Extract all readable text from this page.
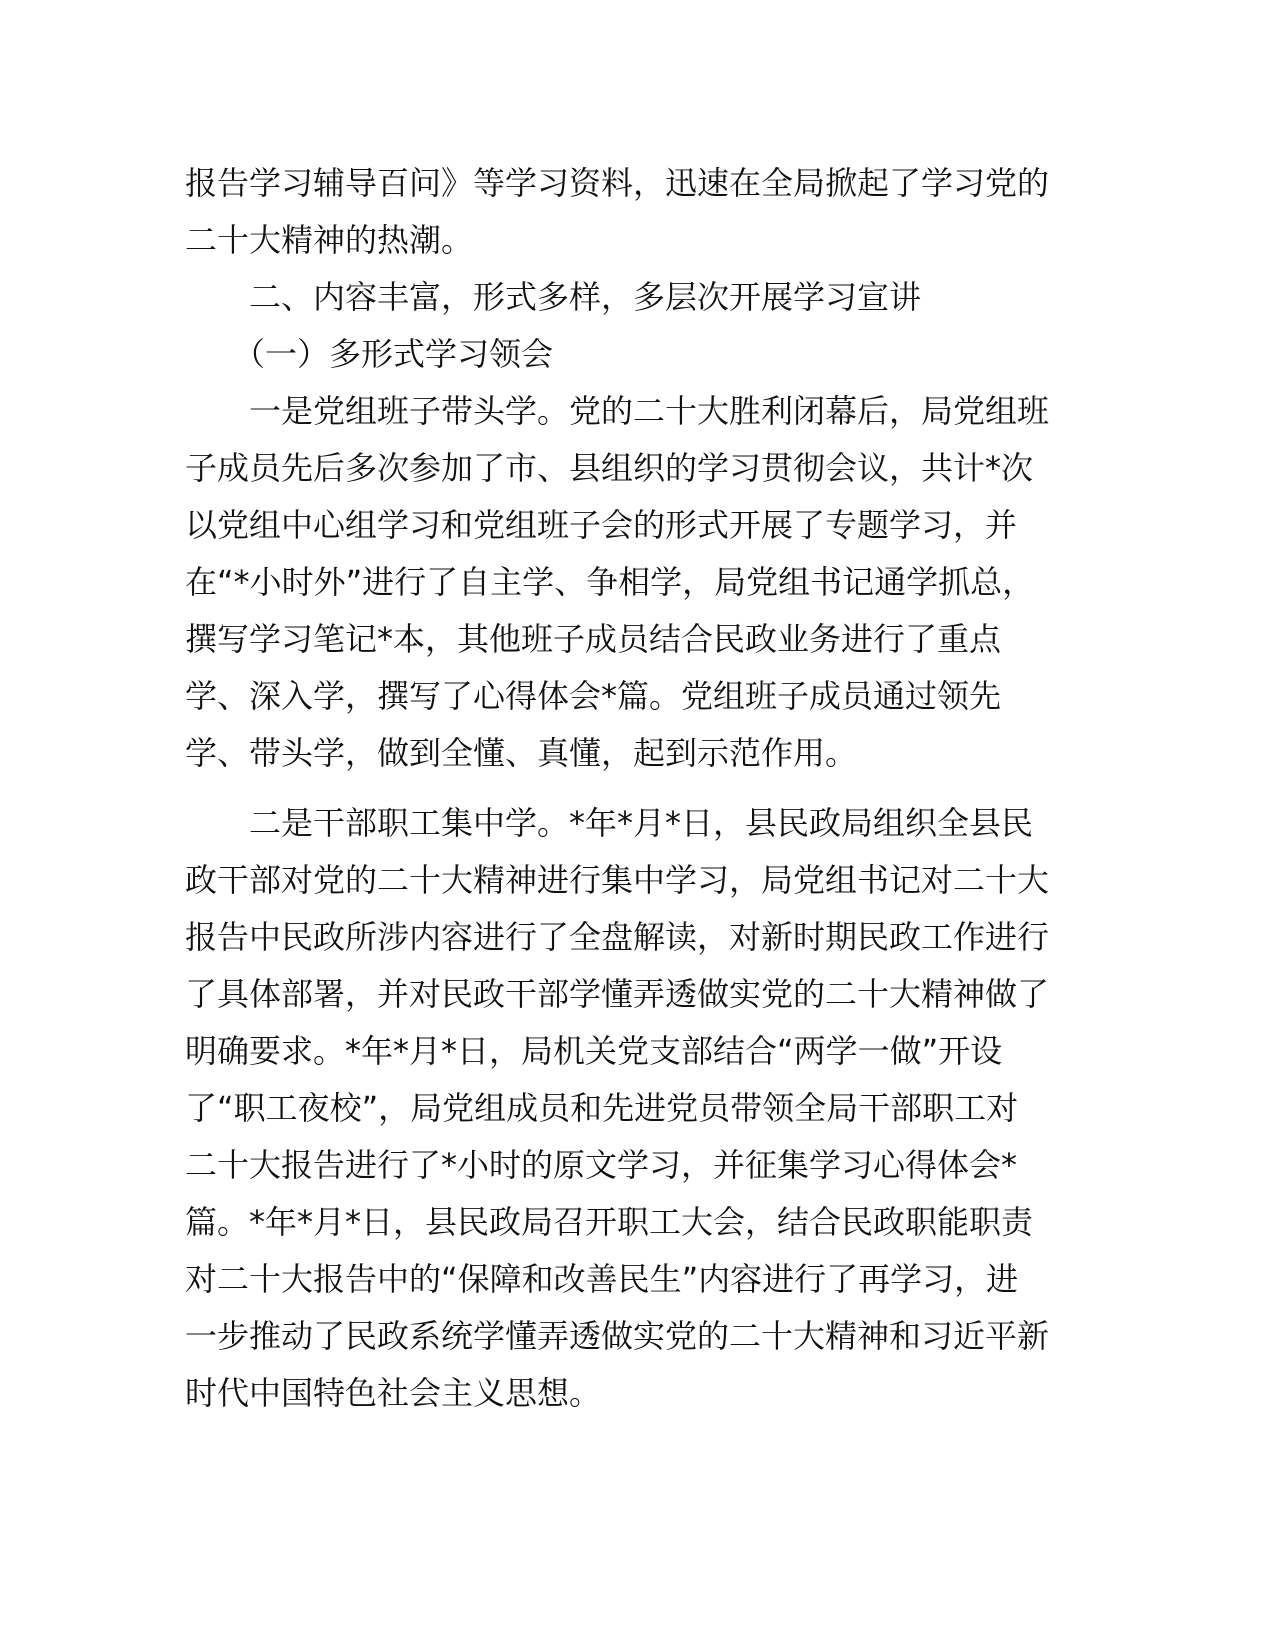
报告学习辅导百问》等学习资料，迅速在全局掀起了学习党的
二十大精神的热潮。
　　二、内容丰富，形式多样，多层次开展学习宣讲
　　（一）多形式学习领会
　　一是党组班子带头学。党的二十大胜利闭幕后，局党组班
子成员先后多次参加了市、县组织的学习贯彻会议，共计*次
以党组中心组学习和党组班子会的形式开展了专题学习，并
在“*小时外”进行了自主学、争相学，局党组书记通学抓总，
撰写学习笔记*本，其他班子成员结合民政业务进行了重点
学、深入学，撰写了心得体会*篇。党组班子成员通过领先
学、带头学，做到全懂、真懂，起到示范作用。
　　二是干部职工集中学。*年*月*日，县民政局组织全县民
政干部对党的二十大精神进行集中学习，局党组书记对二十大
报告中民政所涉内容进行了全盘解读，对新时期民政工作进行
了具体部署，并对民政干部学懂弄透做实党的二十大精神做了
明确要求。*年*月*日，局机关党支部结合“两学一做”开设
了“职工夜校”，局党组成员和先进党员带领全局干部职工对
二十大报告进行了*小时的原文学习，并征集学习心得体会*
篇。*年*月*日，县民政局召开职工大会，结合民政职能职责
对二十大报告中的“保障和改善民生”内容进行了再学习，进
一步推动了民政系统学懂弄透做实党的二十大精神和习近平新
时代中国特色社会主义思想。
